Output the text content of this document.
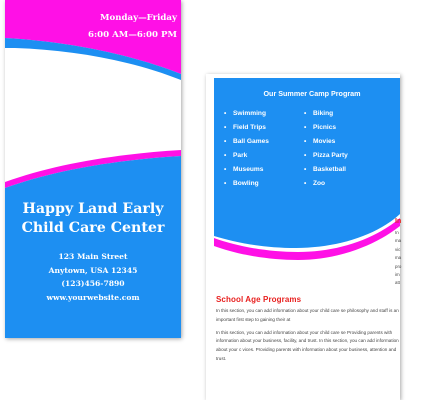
Monday—Friday
6:00 AM—6:00 PM
Happy Land Early
Child Care Center
123 Main Street
Anytown, USA 12345
(123)456-7890
www.yourwebsite.com
Our Summer Camp Program
• Swimming	• Biking
• Field Trips	• Picnics
• Ball Games	• Movies
• Park	• Pizza Party
• Museums	• Basketball
• Bowling	• Zoo
In
In
ma
vic
ma
pro
im
att
School Age Programs

In this section, you can add information about your child care se philosophy and staff is an important first step to gaining their at

In this section, you can add information about your child care se Providing parents with information about your business, facility, and trust. In this section, you can add information about your c vices. Providing parents with information about your business, attention and trust.
